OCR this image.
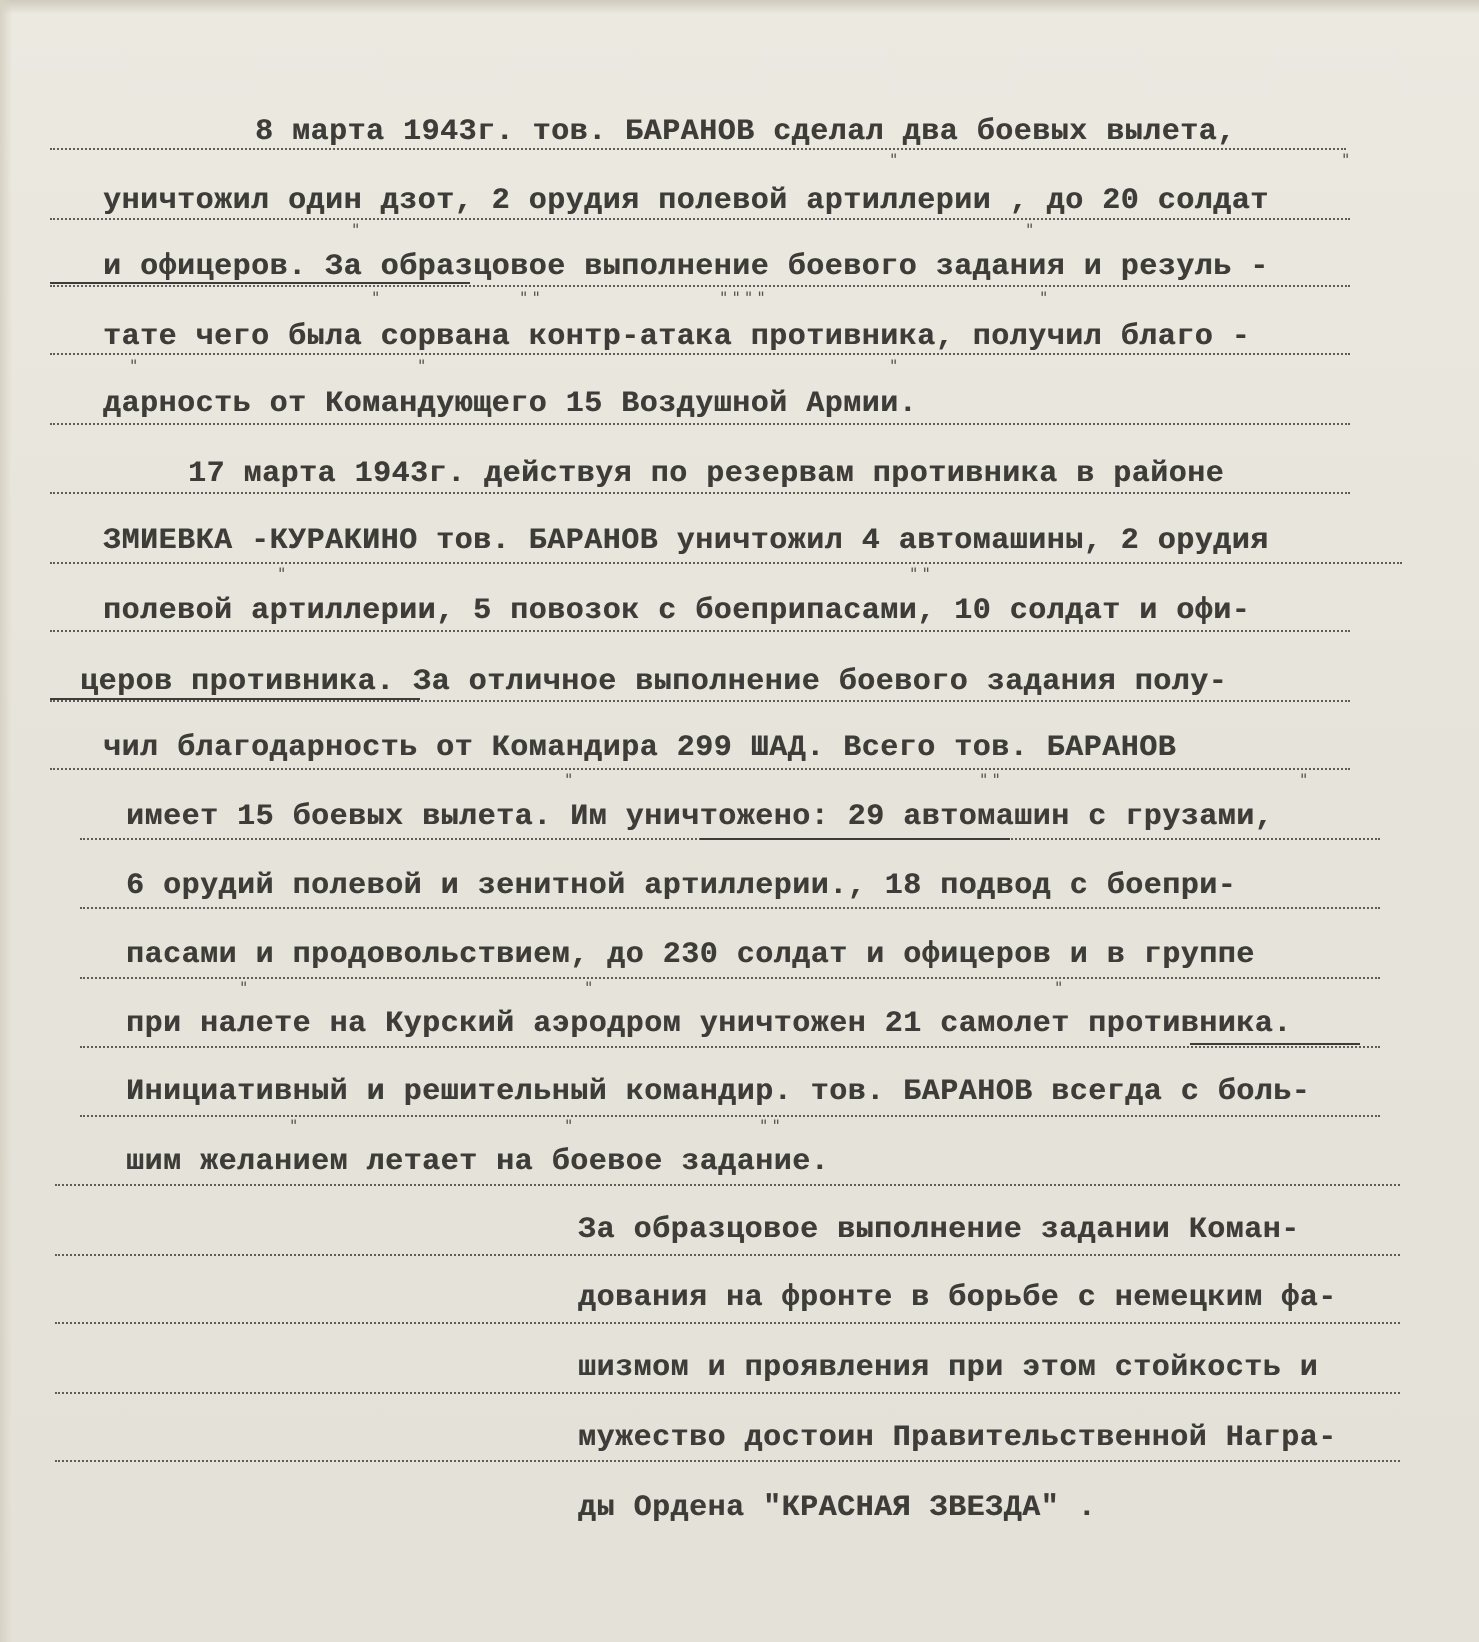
"	"
"	"
"	" "	" " " "	"
"	"	"
"	" "
"	" "	"
"	"	"
"	"	" "
8 марта 1943г. тов. БАРАНОВ сделал два боевых вылета,
уничтожил один дзот, 2 орудия полевой артиллерии , до 20 солдат
и офицеров. За образцовое выполнение боевого задания и резуль -
тате чего была сорвана контр-атака противника, получил благо -
дарность от Командующего 15 Воздушной Армии.
17 марта 1943г. действуя по резервам противника в районе
ЗМИЕВКА -КУРАКИНО тов. БАРАНОВ уничтожил 4 автомашины, 2 орудия
полевой артиллерии, 5 повозок с боеприпасами, 10 солдат и офи-
церов противника. За отличное выполнение боевого задания полу-
чил благодарность от Командира 299 ШАД. Всего тов. БАРАНОВ
имеет 15 боевых вылета. Им уничтожено: 29 автомашин с грузами,
6 орудий полевой и зенитной артиллерии., 18 подвод с боепри-
пасами и продовольствием, до 230 солдат и офицеров и в группе
при налете на Курский аэродром уничтожен 21 самолет противника.
Инициативный и решительный командир. тов. БАРАНОВ всегда с боль-
шим желанием летает на боевое задание.
За образцовое выполнение задании Коман-
дования на фронте в борьбе с немецким фа-
шизмом и проявления при этом стойкость и
мужество достоин Правительственной Награ-
ды Ордена "КРАСНАЯ ЗВЕЗДА" .
